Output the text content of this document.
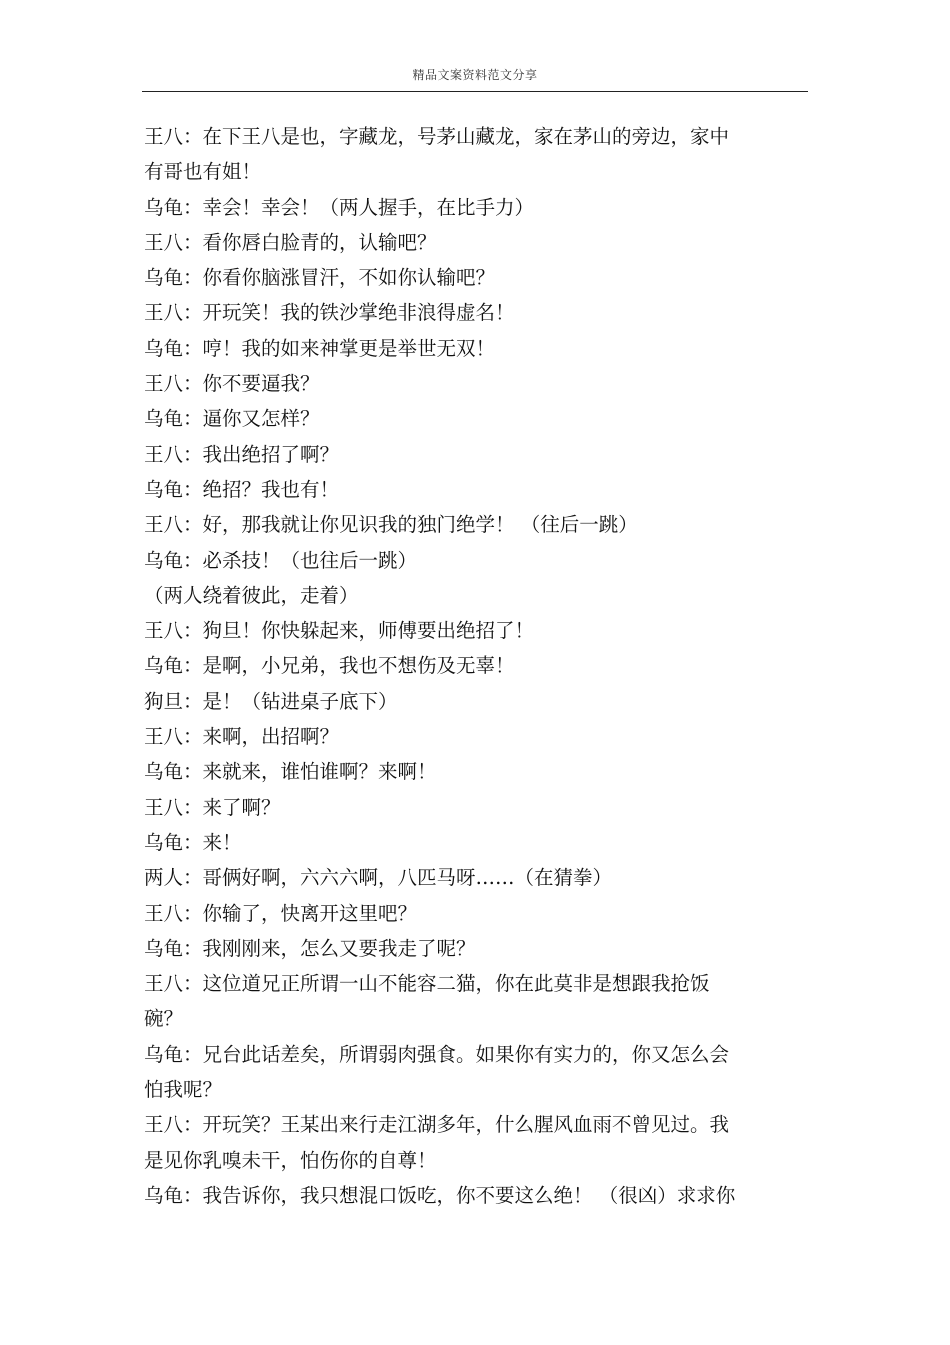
精品文案资料范文分享
王八：在下王八是也，字藏龙，号茅山藏龙，家在茅山的旁边，家中
有哥也有姐！
乌龟：幸会！幸会！（两人握手，在比手力）
王八：看你唇白脸青的，认输吧？
乌龟：你看你脑涨冒汗，不如你认输吧？
王八：开玩笑！我的铁沙掌绝非浪得虚名！
乌龟：哼！我的如来神掌更是举世无双！
王八：你不要逼我？
乌龟：逼你又怎样？
王八：我出绝招了啊？
乌龟：绝招？我也有！
王八：好，那我就让你见识我的独门绝学！ （往后一跳）
乌龟：必杀技！（也往后一跳）
（两人绕着彼此，走着）
王八：狗旦！你快躲起来，师傅要出绝招了！
乌龟：是啊，小兄弟，我也不想伤及无辜！
狗旦：是！（钻进桌子底下）
王八：来啊，出招啊？
乌龟：来就来，谁怕谁啊？来啊！
王八：来了啊？
乌龟：来！
两人：哥俩好啊，六六六啊，八匹马呀……（在猜拳）
王八：你输了，快离开这里吧？
乌龟：我刚刚来，怎么又要我走了呢？
王八：这位道兄正所谓一山不能容二猫，你在此莫非是想跟我抢饭
碗？
乌龟：兄台此话差矣，所谓弱肉强食。如果你有实力的，你又怎么会
怕我呢？
王八：开玩笑？王某出来行走江湖多年，什么腥风血雨不曾见过。我
是见你乳嗅未干，怕伤你的自尊！
乌龟：我告诉你，我只想混口饭吃，你不要这么绝！ （很凶）求求你
